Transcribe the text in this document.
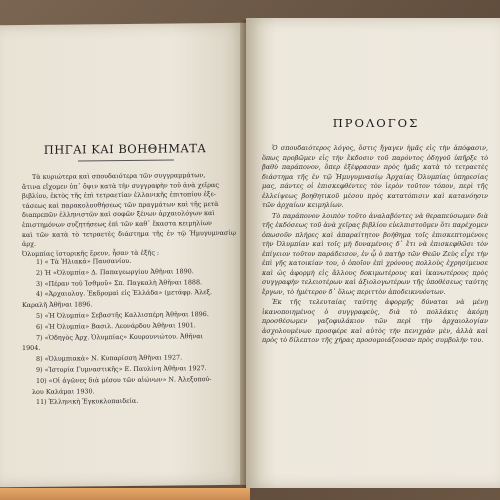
ΠΗΓΑΙ ΚΑΙ ΒΟΗΘΗΜΑΤΑ
Τὰ κυριώτερα καὶ σπουδαιότερα τῶν συγγραμμάτων,
ἅτινα εἴχομεν ὑπ᾽ ὄψιν κατὰ τὴν συγγραφὴν τοῦ ἀνὰ χεῖρας
βιβλίου, ἐκτὸς τῆς ἐπὶ τετραετίαν ἐλλανικῆς ἐπιτοπίου ἐξε-
τάσεως καὶ παρακολουθήσεως τῶν πραγμάτων καὶ τῆς μετὰ
διαπρεπῶν ἑλληνιστῶν καὶ σοφῶν ξένων ἀρχαιολόγων καὶ
ἐπιστημόνων συζητήσεως ἐπὶ τῶν καθ᾽ ἕκαστα κειμηλίων
καὶ τῶν κατὰ τὸ τετραετὲς διάστημα τῆς ἐν τῷ Ἡμυγυμνασίῳ ἀρχ.
Ὀλυμπίας ἱστορικῆς ἔρευν, ἦσαν τὰ ἑξῆς :
1) « Τὰ Ἠλιακά» Παυσανίου.
2) Ἡ «Ὀλυμπία» Δ. Παπαγεωργίου Ἀθῆναι 1890.
3) «Πέραν τοῦ Ἰσθμοῦ» Σπ. Παγκαλὴ Ἀθῆναι 1888.
4) «Ἀρχαιολογ. Ἐκδρομαὶ εἰς Ἑλλάδα» (μετάφρ. Ἀλεξ.
Καραλῆ Ἀθῆναι 1896.
5) «Ἡ Ὀλυμπία» Σεβαστῆς Καλλισπέρη Ἀθῆναι 1896.
6) «Ἡ Ὀλυμπία» Βασιλ. Λεονάρδου Ἀθῆναι 1901.
7) «Ὁδηγὸς Ἀρχ. Ὀλυμπίας» Κουρουνιώτου. Ἀθῆναι
1904.
8) «Ὀλυμπιακὰ» Ν. Κυπαρίσση Ἀθῆναι 1927.
9) «Ἱστορία Γυμναστικῆς» Ε. Παυλίνη Ἀθῆναι 1927.
10) «Οἱ ἀγῶνες διὰ μέσου τῶν αἰώνων» Ν. Ἀλεξοπού-
λου Καλάμαι 1930.
11) Ἑλληνικὴ Ἐγκυκλοπαιδεία.
ΠΡΟΛΟΓΟΣ

Ὁ σπουδαιότερος λόγος, ὅστις ἤγαγεν ἡμᾶς εἰς τὴν ἀπόφασιν, ὅπως προβῶμεν εἰς τὴν ἔκδοσιν τοῦ παρόντος ὁδηγοῦ ὑπῆρξε τὸ βαθὺ παράπονον, ὅπερ ἐξέφρασαν πρὸς ἡμᾶς κατὰ τὸ τετραετὲς διάστημα τῆς ἐν τῷ Ἡμυγυμνασίῳ Ἀρχαίας Ὀλυμπίας ὑπηρεσίας μας, πάντες οἱ ἐπισκεφθέντες τὸν ἱερὸν τοῦτον τόπον, περὶ τῆς ἐλλείψεως βοηθητικοῦ μέσου πρὸς κατατόπισιν καὶ κατανόησιν τῶν ἀρχαίων κειμηλίων.

Τὸ παράπονον λοιπὸν τοῦτο ἀναλαβόντες νὰ θεραπεύσωμεν διὰ τῆς ἐκδόσεως τοῦ ἀνὰ χεῖρας βιβλίου εὐελπιστοῦμεν ὅτι παρέχομεν ὁπωσοῦν πλήρες καὶ ἀπαραίτητον βοήθημα τοῖς ἐπισκεπτομένοις τὴν Ὀλυμπίαν καὶ τοῖς μὴ δυναμένοις δ᾽ ἔτι νὰ ἐπισκεφθῶσι τὸν ἐπίγειον τοῦτον παράδεισον, ἐν ᾧ ὁ πατὴρ τῶν Θεῶν Ζεὺς εἶχε τὴν ἐπὶ γῆς κατοικίαν του, ὁ ὁποῖον ἐπὶ χρόνους πολλοὺς ἐχρησίμευσε καὶ ὡς ἀφορμὴ εἰς ἄλλους δοκιμωτέρους καὶ ἱκανωτέρους πρὸς συγγραφὴν τελειοτέρων καὶ ἀξιολογωτέρων τῆς ὑποθέσεως ταύτης ἔργων, τὸ ἡμέτερον δ᾽ ὅλως περιττὸν ἀποδεικνυόντων.

Ἐκ τῆς τελευταίας ταύτης ἀφορμῆς δύναται νὰ μένῃ ἱκανοποιημένος ὁ συγγραφεὺς, διὰ τὸ πολλάκις ἀκόμη προσθέσωμεν γαζοφυλάκιον τῶν περὶ τὴν ἀρχαιολογίαν ἀσχολουμένων προσφέρε καὶ αὐτὸς τὴν πενιχρὰν μὲν, ἀλλὰ καὶ πρὸς τὸ δίλεπτον τῆς χήρας προσομοιάζουσαν πρὸς συμβολὴν του.
